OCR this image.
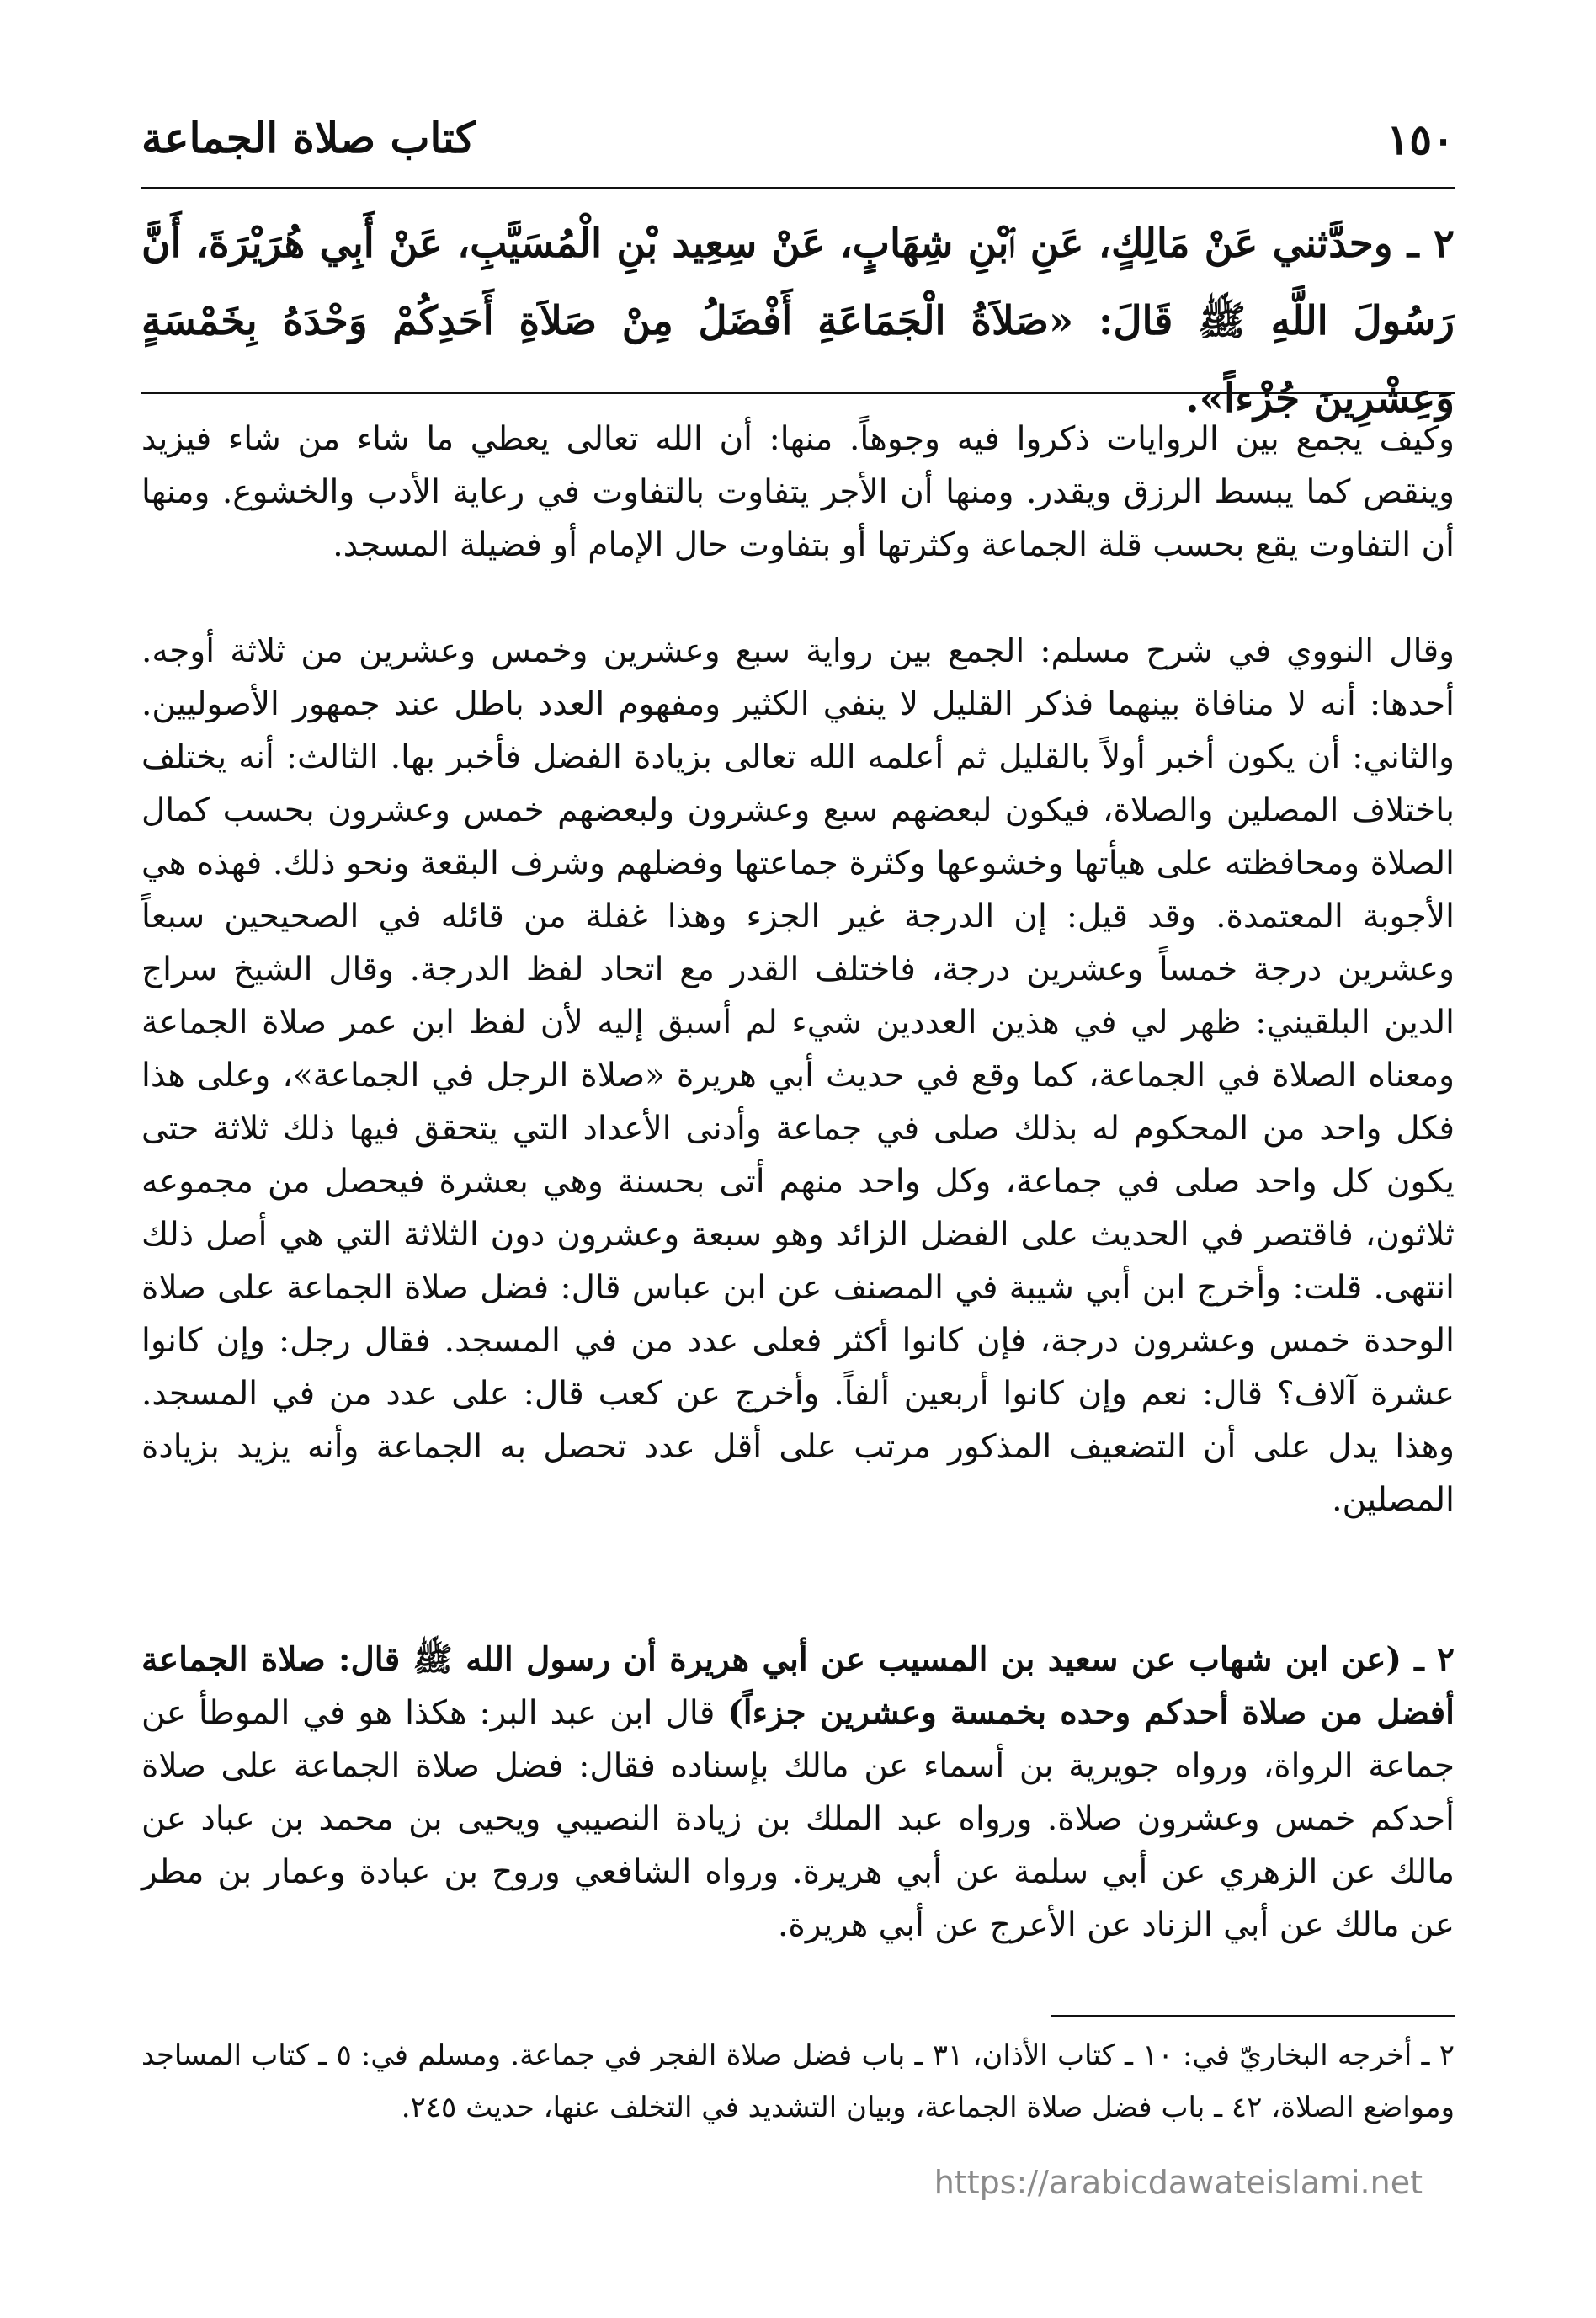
١٥٠
كتاب صلاة الجماعة
٢ ـ وحدَّثني عَنْ مَالِكٍ، عَنِ ٱبْنِ شِهَابٍ، عَنْ سِعِيد بْنِ الْمُسَيَّبِ، عَنْ أَبِي هُرَيْرَةَ، أَنَّ رَسُولَ اللَّهِ ﷺ قَالَ: «صَلاَةُ الْجَمَاعَةِ أَفْضَلُ مِنْ صَلاَةِ أَحَدِكُمْ وَحْدَهُ بِخَمْسَةٍ وَعِشْرِينَ جُزْءاً».
وكيف يجمع بين الروايات ذكروا فيه وجوهاً. منها: أن الله تعالى يعطي ما شاء من شاء فيزيد وينقص كما يبسط الرزق ويقدر. ومنها أن الأجر يتفاوت بالتفاوت في رعاية الأدب والخشوع. ومنها أن التفاوت يقع بحسب قلة الجماعة وكثرتها أو بتفاوت حال الإمام أو فضيلة المسجد.
وقال النووي في شرح مسلم: الجمع بين رواية سبع وعشرين وخمس وعشرين من ثلاثة أوجه. أحدها: أنه لا منافاة بينهما فذكر القليل لا ينفي الكثير ومفهوم العدد باطل عند جمهور الأصوليين. والثاني: أن يكون أخبر أولاً بالقليل ثم أعلمه الله تعالى بزيادة الفضل فأخبر بها. الثالث: أنه يختلف باختلاف المصلين والصلاة، فيكون لبعضهم سبع وعشرون ولبعضهم خمس وعشرون بحسب كمال الصلاة ومحافظته على هيأتها وخشوعها وكثرة جماعتها وفضلهم وشرف البقعة ونحو ذلك. فهذه هي الأجوبة المعتمدة. وقد قيل: إن الدرجة غير الجزء وهذا غفلة من قائله في الصحيحين سبعاً وعشرين درجة خمساً وعشرين درجة، فاختلف القدر مع اتحاد لفظ الدرجة. وقال الشيخ سراج الدين البلقيني: ظهر لي في هذين العددين شيء لم أسبق إليه لأن لفظ ابن عمر صلاة الجماعة ومعناه الصلاة في الجماعة، كما وقع في حديث أبي هريرة «صلاة الرجل في الجماعة»، وعلى هذا فكل واحد من المحكوم له بذلك صلى في جماعة وأدنى الأعداد التي يتحقق فيها ذلك ثلاثة حتى يكون كل واحد صلى في جماعة، وكل واحد منهم أتى بحسنة وهي بعشرة فيحصل من مجموعه ثلاثون، فاقتصر في الحديث على الفضل الزائد وهو سبعة وعشرون دون الثلاثة التي هي أصل ذلك انتهى. قلت: وأخرج ابن أبي شيبة في المصنف عن ابن عباس قال: فضل صلاة الجماعة على صلاة الوحدة خمس وعشرون درجة، فإن كانوا أكثر فعلى عدد من في المسجد. فقال رجل: وإن كانوا عشرة آلاف؟ قال: نعم وإن كانوا أربعين ألفاً. وأخرج عن كعب قال: على عدد من في المسجد. وهذا يدل على أن التضعيف المذكور مرتب على أقل عدد تحصل به الجماعة وأنه يزيد بزيادة المصلين.
٢ ـ (عن ابن شهاب عن سعيد بن المسيب عن أبي هريرة أن رسول الله ﷺ قال: صلاة الجماعة أفضل من صلاة أحدكم وحده بخمسة وعشرين جزءاً) قال ابن عبد البر: هكذا هو في الموطأ عن جماعة الرواة، ورواه جويرية بن أسماء عن مالك بإسناده فقال: فضل صلاة الجماعة على صلاة أحدكم خمس وعشرون صلاة. ورواه عبد الملك بن زيادة النصيبي ويحيى بن محمد بن عباد عن مالك عن الزهري عن أبي سلمة عن أبي هريرة. ورواه الشافعي وروح بن عبادة وعمار بن مطر عن مالك عن أبي الزناد عن الأعرج عن أبي هريرة.
٢ ـ أخرجه البخاريّ في: ١٠ ـ كتاب الأذان، ٣١ ـ باب فضل صلاة الفجر في جماعة. ومسلم في: ٥ ـ كتاب المساجد ومواضع الصلاة، ٤٢ ـ باب فضل صلاة الجماعة، وبيان التشديد في التخلف عنها، حديث ٢٤٥.
https://arabicdawateislami.net
